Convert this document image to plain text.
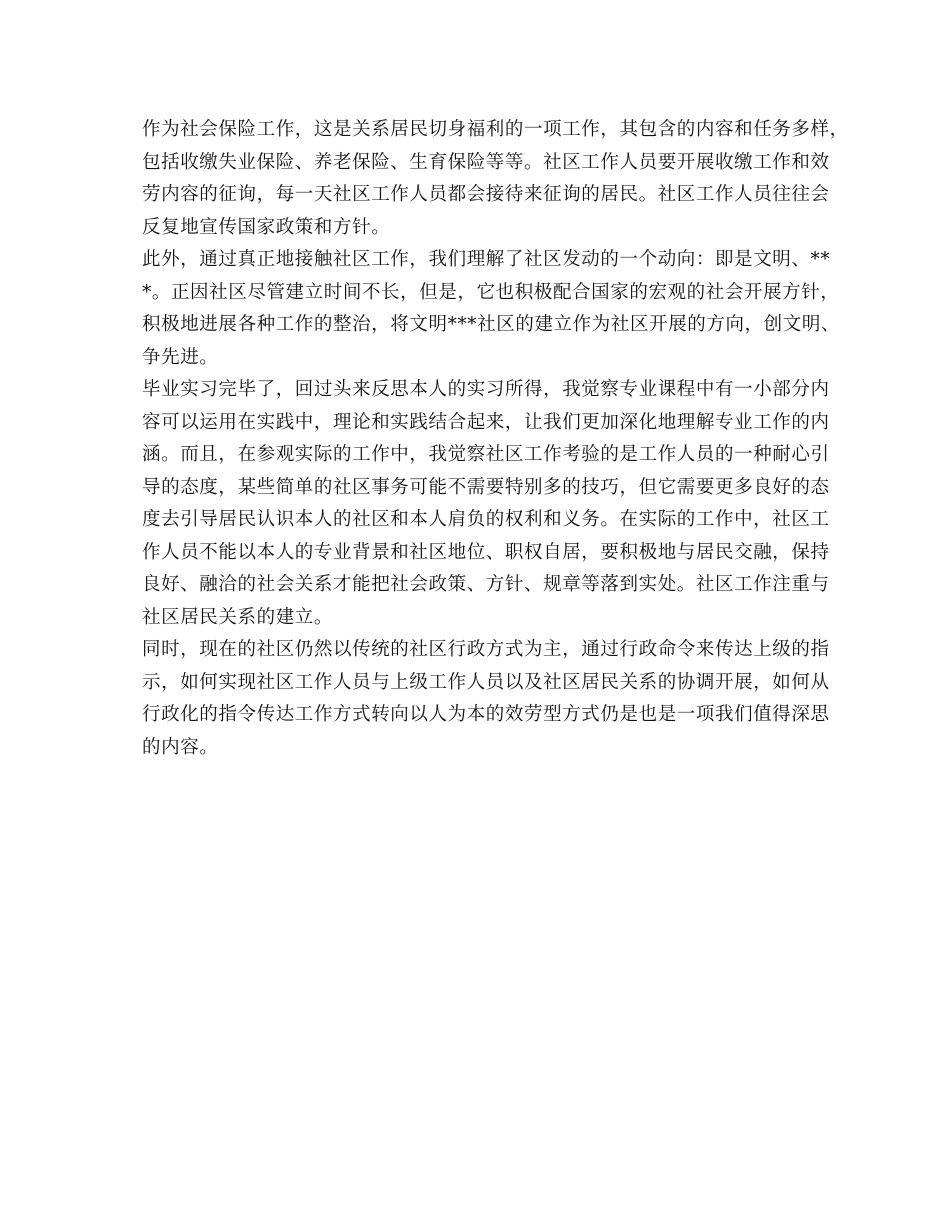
作为社会保险工作，这是关系居民切身福利的一项工作，其包含的内容和任务多样，
包括收缴失业保险、养老保险、生育保险等等。社区工作人员要开展收缴工作和效
劳内容的征询，每一天社区工作人员都会接待来征询的居民。社区工作人员往往会
反复地宣传国家政策和方针。
此外，通过真正地接触社区工作，我们理解了社区发动的一个动向：即是文明、**
*。正因社区尽管建立时间不长，但是，它也积极配合国家的宏观的社会开展方针，
积极地进展各种工作的整治，将文明***社区的建立作为社区开展的方向，创文明、
争先进。
毕业实习完毕了，回过头来反思本人的实习所得，我觉察专业课程中有一小部分内
容可以运用在实践中，理论和实践结合起来，让我们更加深化地理解专业工作的内
涵。而且，在参观实际的工作中，我觉察社区工作考验的是工作人员的一种耐心引
导的态度，某些简单的社区事务可能不需要特别多的技巧，但它需要更多良好的态
度去引导居民认识本人的社区和本人肩负的权利和义务。在实际的工作中，社区工
作人员不能以本人的专业背景和社区地位、职权自居，要积极地与居民交融，保持
良好、融洽的社会关系才能把社会政策、方针、规章等落到实处。社区工作注重与
社区居民关系的建立。
同时，现在的社区仍然以传统的社区行政方式为主，通过行政命令来传达上级的指
示，如何实现社区工作人员与上级工作人员以及社区居民关系的协调开展，如何从
行政化的指令传达工作方式转向以人为本的效劳型方式仍是也是一项我们值得深思
的内容。
